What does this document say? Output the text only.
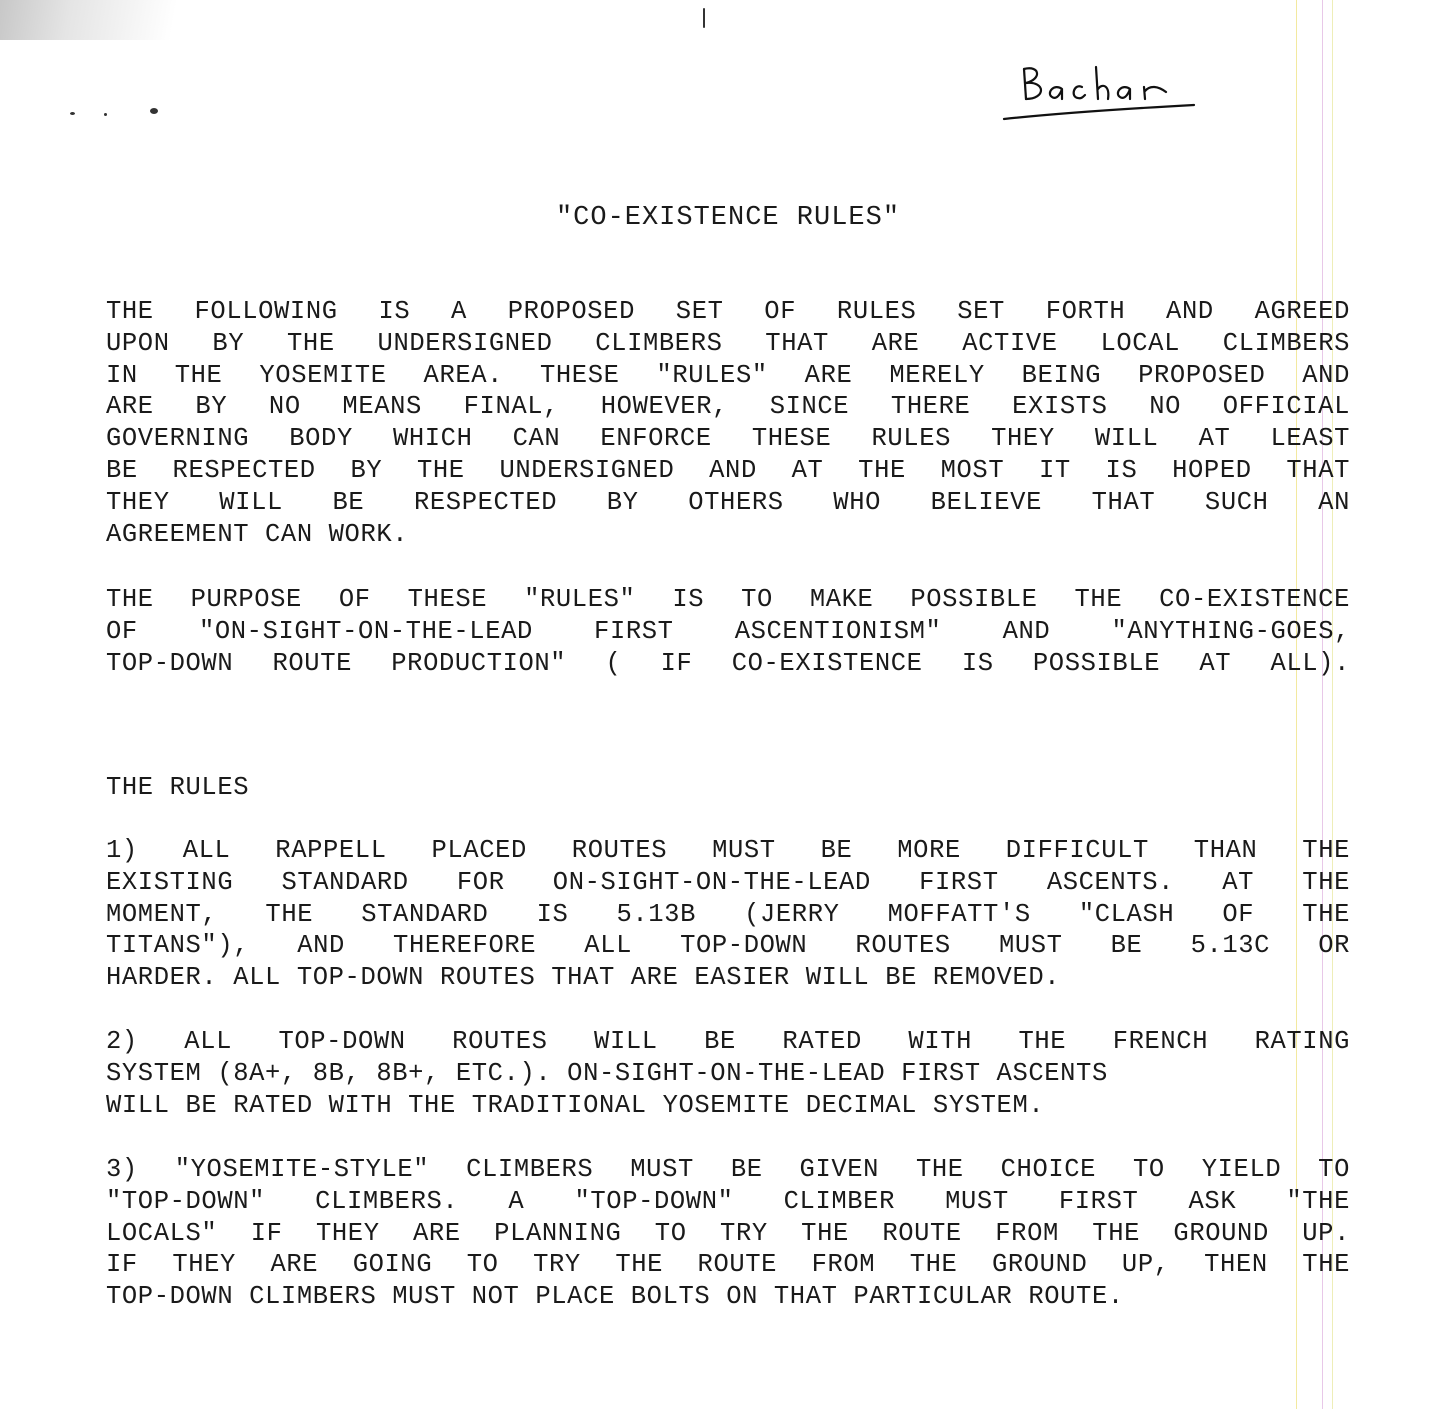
"CO-EXISTENCE RULES"
THE FOLLOWING IS A PROPOSED SET OF RULES SET FORTH AND AGREED
UPON BY THE UNDERSIGNED CLIMBERS THAT ARE ACTIVE LOCAL CLIMBERS
IN THE YOSEMITE AREA. THESE "RULES" ARE MERELY BEING PROPOSED AND
ARE BY NO MEANS FINAL, HOWEVER, SINCE THERE EXISTS NO OFFICIAL
GOVERNING BODY WHICH CAN ENFORCE THESE RULES THEY WILL AT LEAST
BE RESPECTED BY THE UNDERSIGNED AND AT THE MOST IT IS HOPED THAT
THEY WILL BE RESPECTED BY OTHERS WHO BELIEVE THAT SUCH AN
AGREEMENT CAN WORK.
THE PURPOSE OF THESE "RULES" IS TO MAKE POSSIBLE THE CO-EXISTENCE
OF "ON-SIGHT-ON-THE-LEAD FIRST ASCENTIONISM" AND "ANYTHING-GOES,
TOP-DOWN ROUTE PRODUCTION" ( IF CO-EXISTENCE IS POSSIBLE AT ALL).
THE RULES
1) ALL RAPPELL PLACED ROUTES MUST BE MORE DIFFICULT THAN THE
EXISTING STANDARD FOR ON-SIGHT-ON-THE-LEAD FIRST ASCENTS. AT THE
MOMENT, THE STANDARD IS 5.13B (JERRY MOFFATT'S "CLASH OF THE
TITANS"), AND THEREFORE ALL TOP-DOWN ROUTES MUST BE 5.13C OR
HARDER. ALL TOP-DOWN ROUTES THAT ARE EASIER WILL BE REMOVED.
2) ALL TOP-DOWN ROUTES WILL BE RATED WITH THE FRENCH RATING
SYSTEM (8A+, 8B, 8B+, ETC.). ON-SIGHT-ON-THE-LEAD FIRST ASCENTS
WILL BE RATED WITH THE TRADITIONAL YOSEMITE DECIMAL SYSTEM.
3) "YOSEMITE-STYLE" CLIMBERS MUST BE GIVEN THE CHOICE TO YIELD TO
"TOP-DOWN" CLIMBERS. A "TOP-DOWN" CLIMBER MUST FIRST ASK "THE
LOCALS" IF THEY ARE PLANNING TO TRY THE ROUTE FROM THE GROUND UP.
IF THEY ARE GOING TO TRY THE ROUTE FROM THE GROUND UP, THEN THE
TOP-DOWN CLIMBERS MUST NOT PLACE BOLTS ON THAT PARTICULAR ROUTE.
